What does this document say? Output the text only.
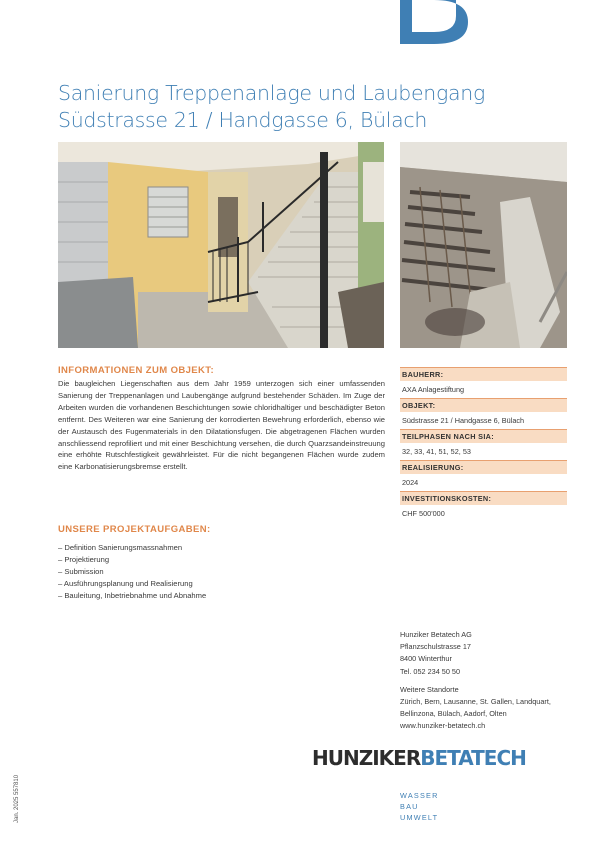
Sanierung Treppenanlage und Laubengang
Südstrasse 21 / Handgasse 6, Bülach
INFORMATIONEN ZUM OBJEKT:
Die baugleichen Liegenschaften aus dem Jahr 1959 unterzogen sich einer umfassenden Sanierung der Treppenanlagen und Laubengänge aufgrund bestehender Schäden. Im Zuge der Arbeiten wurden die vorhandenen Beschichtungen sowie chloridhaltiger und beschädigter Beton entfernt. Des Weiteren war eine Sanierung der korrodierten Bewehrung erforderlich, ebenso wie der Austausch des Fugenmaterials in den Dilatationsfugen. Die abgetragenen Flächen wurden anschliessend reprofiliert und mit einer Beschichtung versehen, die durch Quarzsandeinstreuung eine erhöhte Rutschfestigkeit gewährleistet. Für die nicht begangenen Flächen wurde zudem eine Karbonatisierungsbremse erstellt.
UNSERE PROJEKTAUFGABEN:
– Definition Sanierungsmassnahmen
– Projektierung
– Submission
– Ausführungsplanung und Realisierung
– Bauleitung, Inbetriebnahme und Abnahme
BAUHERR:
AXA Anlagestiftung
OBJEKT:
Südstrasse 21 / Handgasse 6, Bülach
TEILPHASEN NACH SIA:
32, 33, 41, 51, 52, 53
REALISIERUNG:
2024
INVESTITIONSKOSTEN:
CHF 500'000
Hunziker Betatech AG
Pflanzschulstrasse 17
8400 Winterthur
Tel. 052 234 50 50
Weitere Standorte
Zürich, Bern, Lausanne, St. Gallen, Landquart,
Bellinzona, Bülach, Aadorf, Olten
www.hunziker-betatech.ch
HUNZIKERBETATECH
WASSER
BAU
UMWELT
Jan. 2025 557810
